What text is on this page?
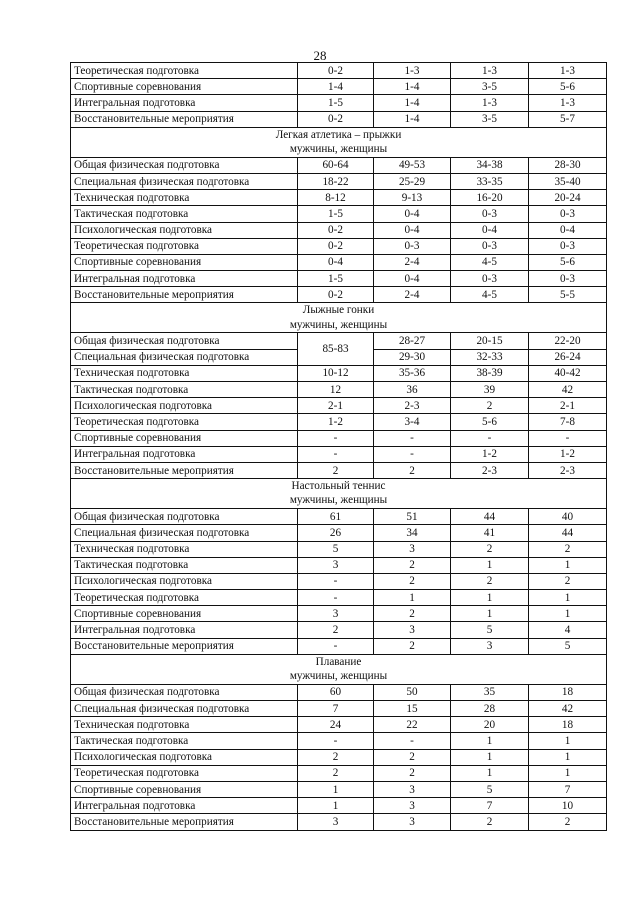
28
Теоретическая подготовка	0-2	1-3	1-3	1-3
Спортивные соревнования	1-4	1-4	3-5	5-6
Интегральная подготовка	1-5	1-4	1-3	1-3
Восстановительные мероприятия	0-2	1-4	3-5	5-7
Легкая атлетика – прыжки				
мужчины, женщины				
Общая физическая подготовка	60-64	49-53	34-38	28-30
Специальная физическая подготовка	18-22	25-29	33-35	35-40
Техническая подготовка	8-12	9-13	16-20	20-24
Тактическая подготовка	1-5	0-4	0-3	0-3
Психологическая подготовка	0-2	0-4	0-4	0-4
Теоретическая подготовка	0-2	0-3	0-3	0-3
Спортивные соревнования	0-4	2-4	4-5	5-6
Интегральная подготовка	1-5	0-4	0-3	0-3
Восстановительные мероприятия	0-2	2-4	4-5	5-5
Лыжные гонки				
мужчины, женщины				
Общая физическая подготовка	85-83	28-27	20-15	22-20
Специальная физическая подготовка		29-30	32-33	26-24
Техническая подготовка	10-12	35-36	38-39	40-42
Тактическая подготовка	12	36	39	42
Психологическая подготовка	2-1	2-3	2	2-1
Теоретическая подготовка	1-2	3-4	5-6	7-8
Спортивные соревнования	-	-	-	-
Интегральная подготовка	-	-	1-2	1-2
Восстановительные мероприятия	2	2	2-3	2-3
Настольный теннис				
мужчины, женщины				
Общая физическая подготовка	61	51	44	40
Специальная физическая подготовка	26	34	41	44
Техническая подготовка	5	3	2	2
Тактическая подготовка	3	2	1	1
Психологическая подготовка	-	2	2	2
Теоретическая подготовка	-	1	1	1
Спортивные соревнования	3	2	1	1
Интегральная подготовка	2	3	5	4
Восстановительные мероприятия	-	2	3	5
Плавание				
мужчины, женщины				
Общая физическая подготовка	60	50	35	18
Специальная физическая подготовка	7	15	28	42
Техническая подготовка	24	22	20	18
Тактическая подготовка	-	-	1	1
Психологическая подготовка	2	2	1	1
Теоретическая подготовка	2	2	1	1
Спортивные соревнования	1	3	5	7
Интегральная подготовка	1	3	7	10
Восстановительные мероприятия	3	3	2	2
